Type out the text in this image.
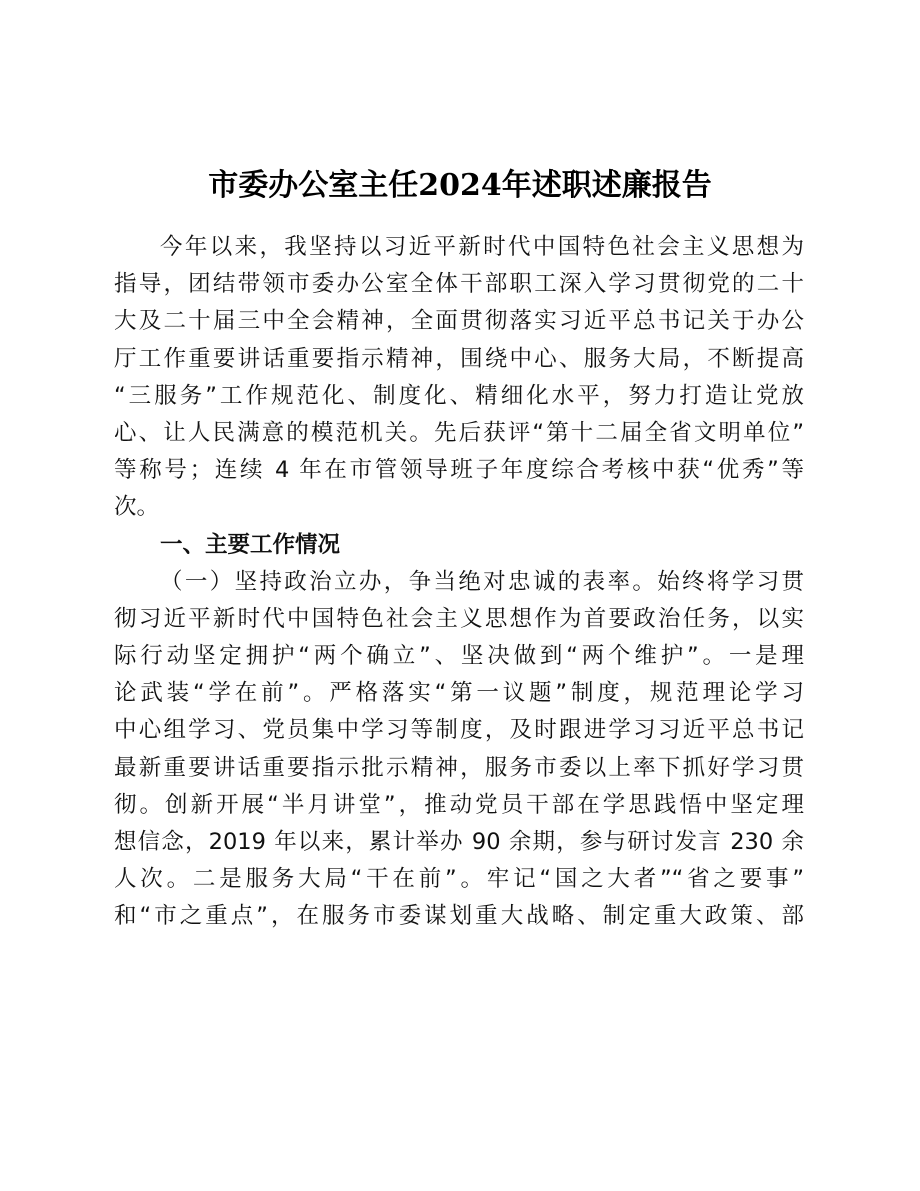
市委办公室主任2024年述职述廉报告
今年以来，我坚持以习近平新时代中国特色社会主义思想为
指导，团结带领市委办公室全体干部职工深入学习贯彻党的二十
大及二十届三中全会精神，全面贯彻落实习近平总书记关于办公
厅工作重要讲话重要指示精神，围绕中心、服务大局，不断提高
“三服务”工作规范化、制度化、精细化水平，努力打造让党放
心、让人民满意的模范机关。先后获评“第十二届全省文明单位”
等称号；连续 4 年在市管领导班子年度综合考核中获“优秀”等
次。
一、主要工作情况
（一）坚持政治立办，争当绝对忠诚的表率。始终将学习贯
彻习近平新时代中国特色社会主义思想作为首要政治任务，以实
际行动坚定拥护“两个确立”、坚决做到“两个维护”。一是理
论武装“学在前”。严格落实“第一议题”制度，规范理论学习
中心组学习、党员集中学习等制度，及时跟进学习习近平总书记
最新重要讲话重要指示批示精神，服务市委以上率下抓好学习贯
彻。创新开展“半月讲堂”，推动党员干部在学思践悟中坚定理
想信念，2019 年以来，累计举办 90 余期，参与研讨发言 230 余
人次。二是服务大局“干在前”。牢记“国之大者”“省之要事”
和“市之重点”，在服务市委谋划重大战略、制定重大政策、部
